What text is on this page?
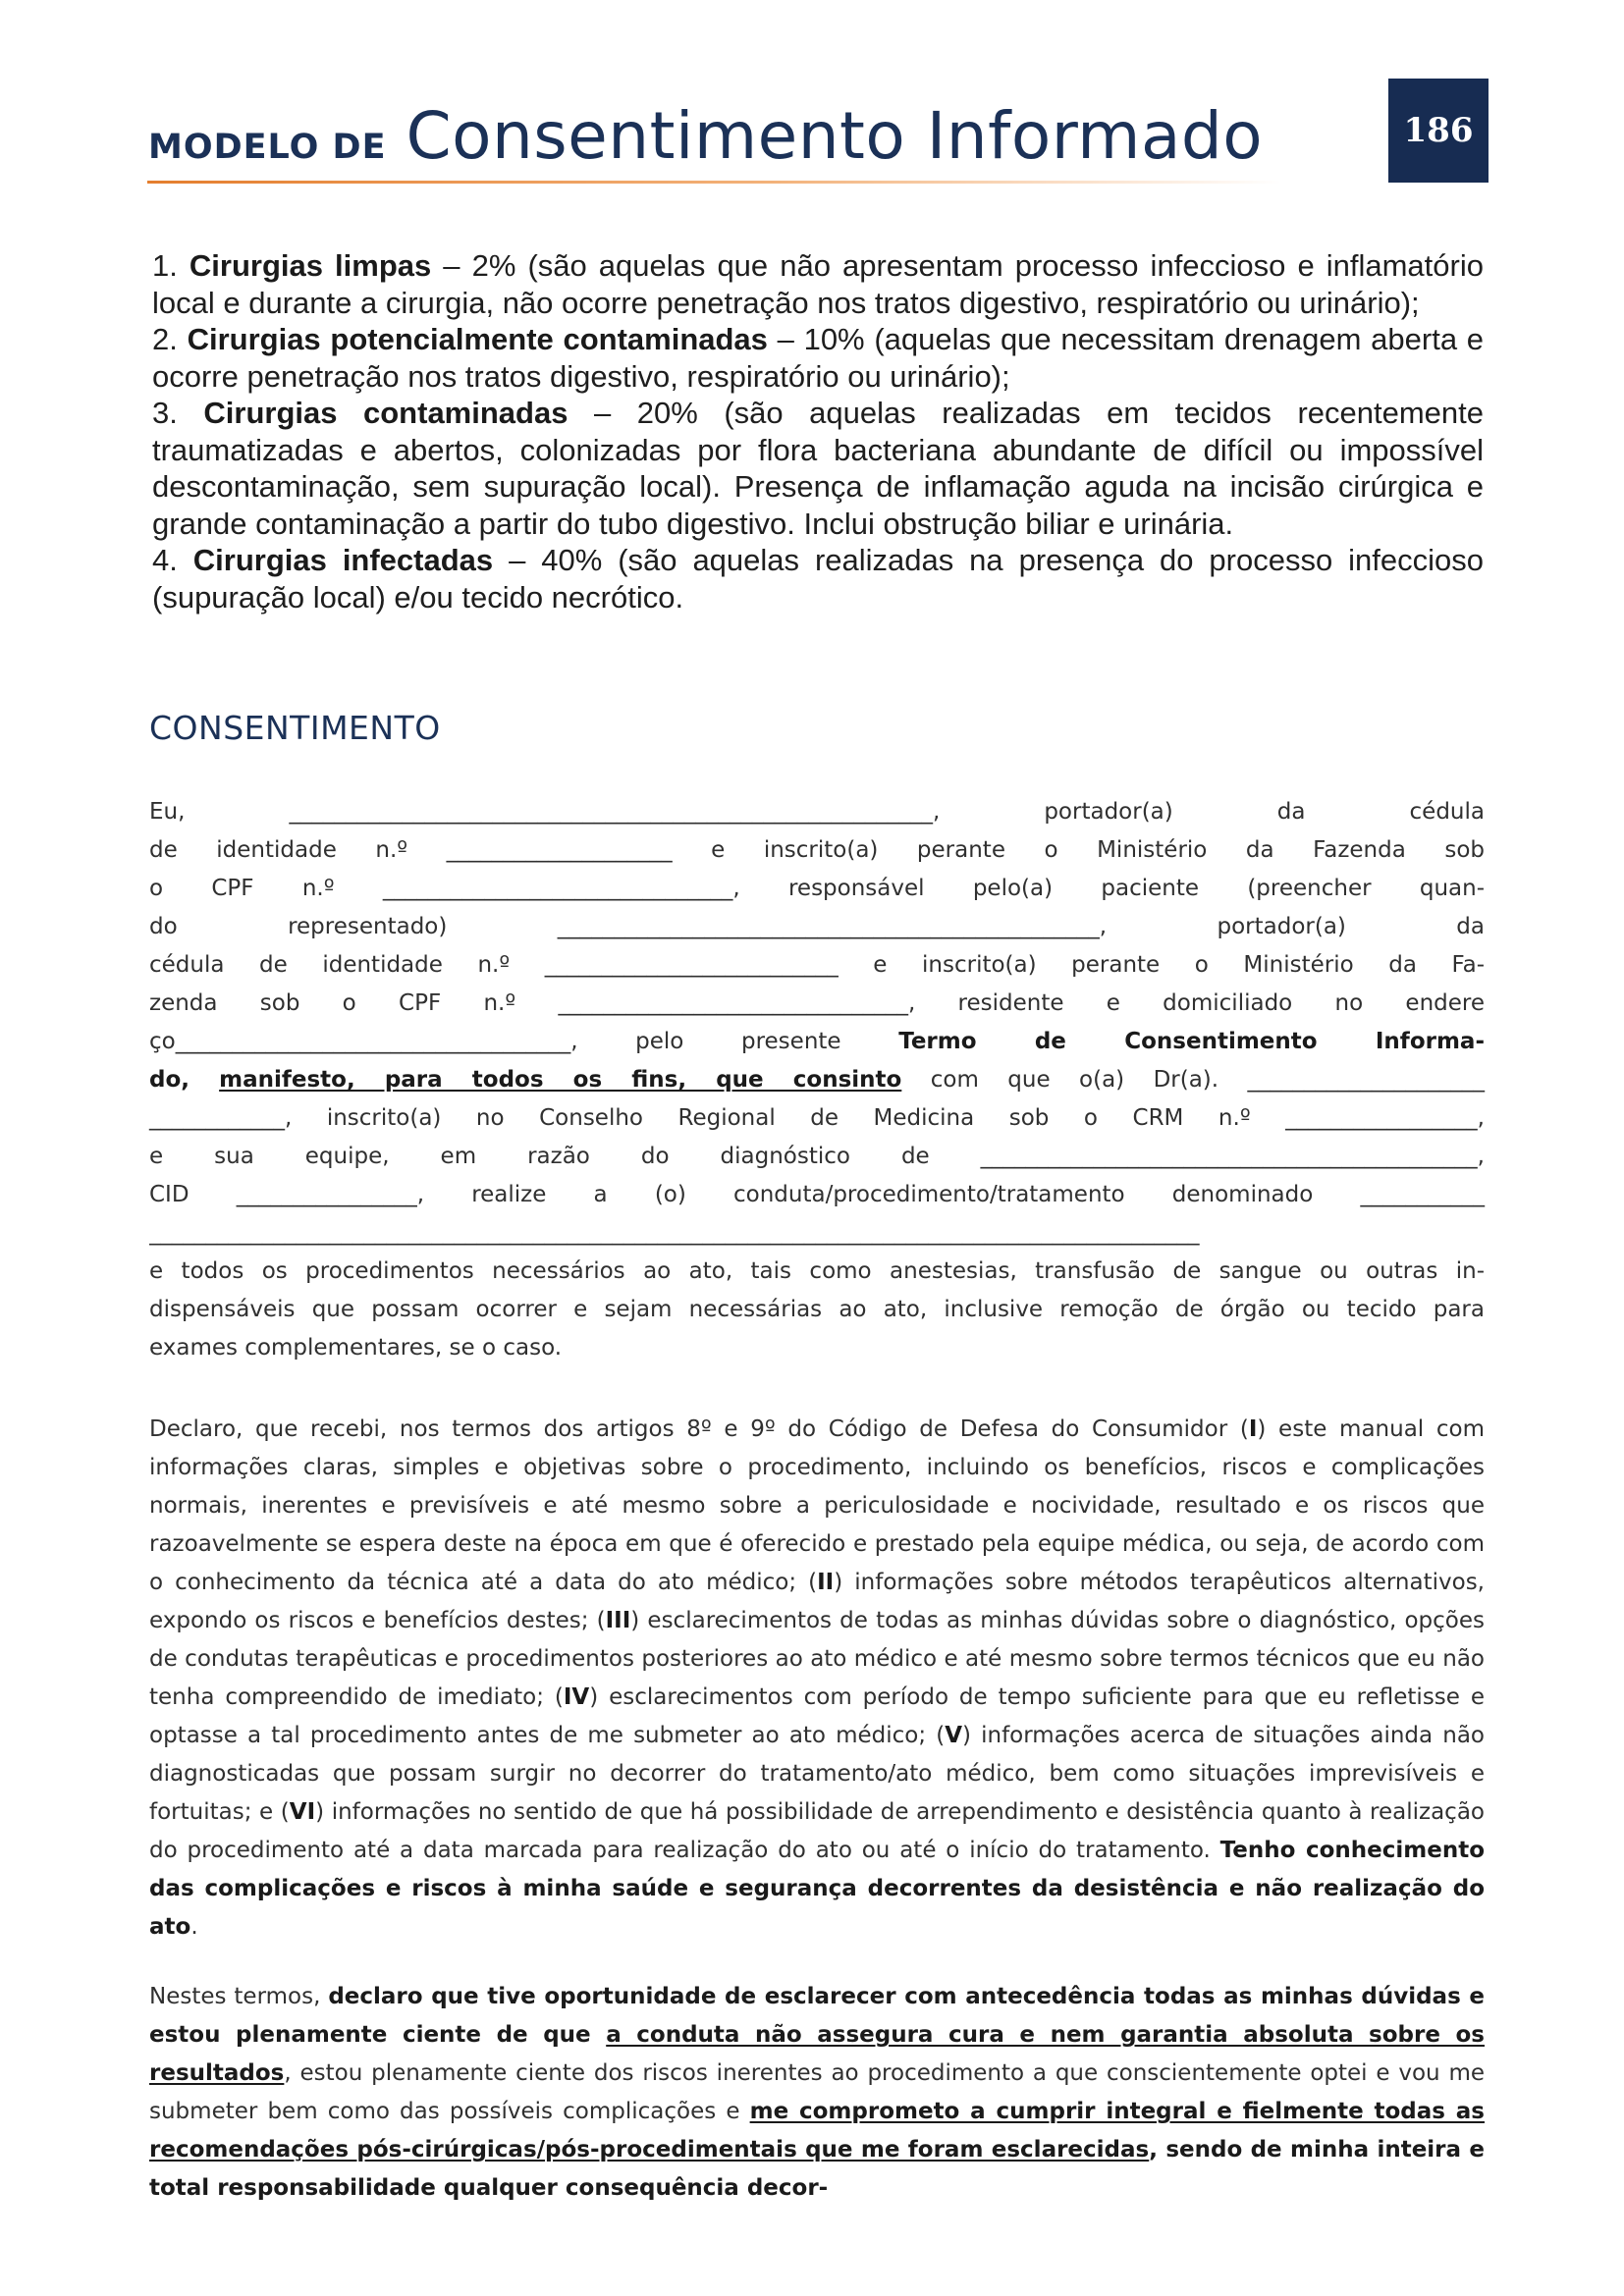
MODELO DE Consentimento Informado	186

1. Cirurgias limpas – 2% (são aquelas que não apresentam processo infeccioso e inflamatório local e durante a cirurgia, não ocorre penetração nos tratos digestivo, respiratório ou urinário);

2. Cirurgias potencialmente contaminadas – 10% (aquelas que necessitam drenagem aberta e ocorre penetração nos tratos digestivo, respiratório ou urinário);

3. Cirurgias contaminadas – 20% (são aquelas realizadas em tecidos recentemente traumatizadas e abertos, colonizadas por flora bacteriana abundante de difícil ou impossível descontaminação, sem supuração local). Presença de inflamação aguda na incisão cirúrgica e grande contaminação a partir do tubo digestivo. Inclui obstrução biliar e urinária.

4. Cirurgias infectadas – 40% (são aquelas realizadas na presença do processo infeccioso (supuração local) e/ou tecido necrótico.

CONSENTIMENTO
Eu, _________________________________________________________, portador(a) da cédula
de identidade n.º ____________________ e inscrito(a) perante o Ministério da Fazenda sob
o CPF n.º _______________________________, responsável pelo(a) paciente (preencher quan-
do representado) ________________________________________________, portador(a) da
cédula de identidade n.º __________________________ e inscrito(a) perante o Ministério da Fa-
zenda sob o CPF n.º _______________________________, residente e domiciliado no endere
ço___________________________________, pelo presente Termo de Consentimento Informa-
do, manifesto, para todos os fins, que consinto com que o(a) Dr(a). _____________________
____________, inscrito(a) no Conselho Regional de Medicina sob o CRM n.º _________________,
e sua equipe, em razão do diagnóstico de ____________________________________________,
CID ________________, realize a (o) conduta/procedimento/tratamento denominado ___________
_____________________________________________________________________________________________
e todos os procedimentos necessários ao ato, tais como anestesias, transfusão de sangue ou outras in-
dispensáveis que possam ocorrer e sejam necessárias ao ato, inclusive remoção de órgão ou tecido para
exames complementares, se o caso.

Declaro, que recebi, nos termos dos artigos 8º e 9º do Código de Defesa do Consumidor (I) este manual com informações claras, simples e objetivas sobre o procedimento, incluindo os benefícios, riscos e complicações normais, inerentes e previsíveis e até mesmo sobre a periculosidade e nocividade, resultado e os riscos que razoavelmente se espera deste na época em que é oferecido e prestado pela equipe médica, ou seja, de acordo com o conhecimento da técnica até a data do ato médico; (II) informações sobre métodos terapêuticos alternativos, expondo os riscos e benefícios destes; (III) esclarecimentos de todas as minhas dúvidas sobre o diagnóstico, opções de condutas terapêuticas e procedimentos posteriores ao ato médico e até mesmo sobre termos técnicos que eu não tenha compreendido de imediato; (IV) esclarecimentos com período de tempo suficiente para que eu refletisse e optasse a tal procedimento antes de me submeter ao ato médico; (V) informações acerca de situações ainda não diagnosticadas que possam surgir no decorrer do tratamento/ato médico, bem como situações imprevisíveis e fortuitas; e (VI) informações no sentido de que há possibilidade de arrependimento e desistência quanto à realização do procedimento até a data marcada para realização do ato ou até o início do tratamento. Tenho conhecimento das complicações e riscos à minha saúde e segurança decorrentes da desistência e não realização do ato.

Nestes termos, declaro que tive oportunidade de esclarecer com antecedência todas as minhas dúvidas e estou plenamente ciente de que a conduta não assegura cura e nem garantia absoluta sobre os resultados, estou plenamente ciente dos riscos inerentes ao procedimento a que conscientemente optei e vou me submeter bem como das possíveis complicações e me comprometo a cumprir integral e fielmente todas as recomendações pós-cirúrgicas/pós-procedimentais que me foram esclarecidas, sendo de minha inteira e total responsabilidade qualquer consequência decor-
